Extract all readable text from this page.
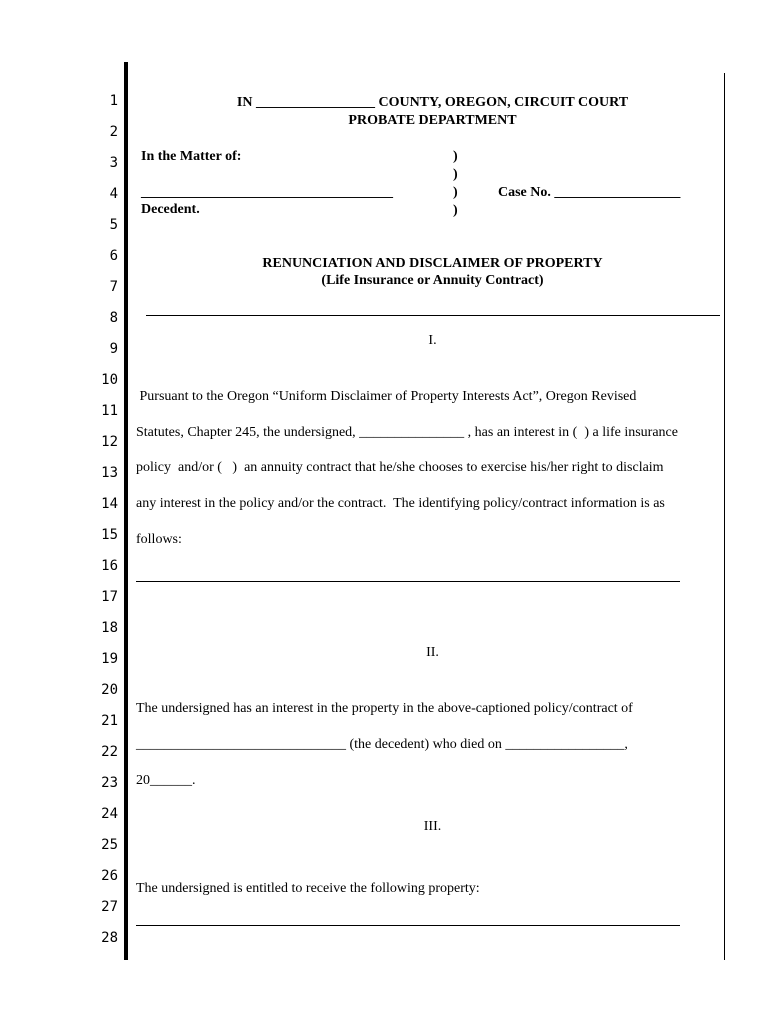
1
2
3
4
5
6
7
8
9
10
11
12
13
14
15
16
17
18
19
20
21
22
23
24
25
26
27
28
IN _________________ COUNTY, OREGON, CIRCUIT COURT
PROBATE DEPARTMENT
In the Matter of:
____________________________________
Decedent.
)
)
)
)
Case No. __________________
RENUNCIATION AND DISCLAIMER OF PROPERTY
(Life Insurance or Annuity Contract)
I.
Pursuant to the Oregon “Uniform Disclaimer of Property Interests Act”, Oregon Revised
Statutes, Chapter 245, the undersigned, _______________ , has an interest in (  ) a life insurance
policy  and/or (   )  an annuity contract that he/she chooses to exercise his/her right to disclaim
any interest in the policy and/or the contract.  The identifying policy/contract information is as
follows:
II.
The undersigned has an interest in the property in the above-captioned policy/contract of
______________________________ (the decedent) who died on _________________,
20______.
III.
The undersigned is entitled to receive the following property:
